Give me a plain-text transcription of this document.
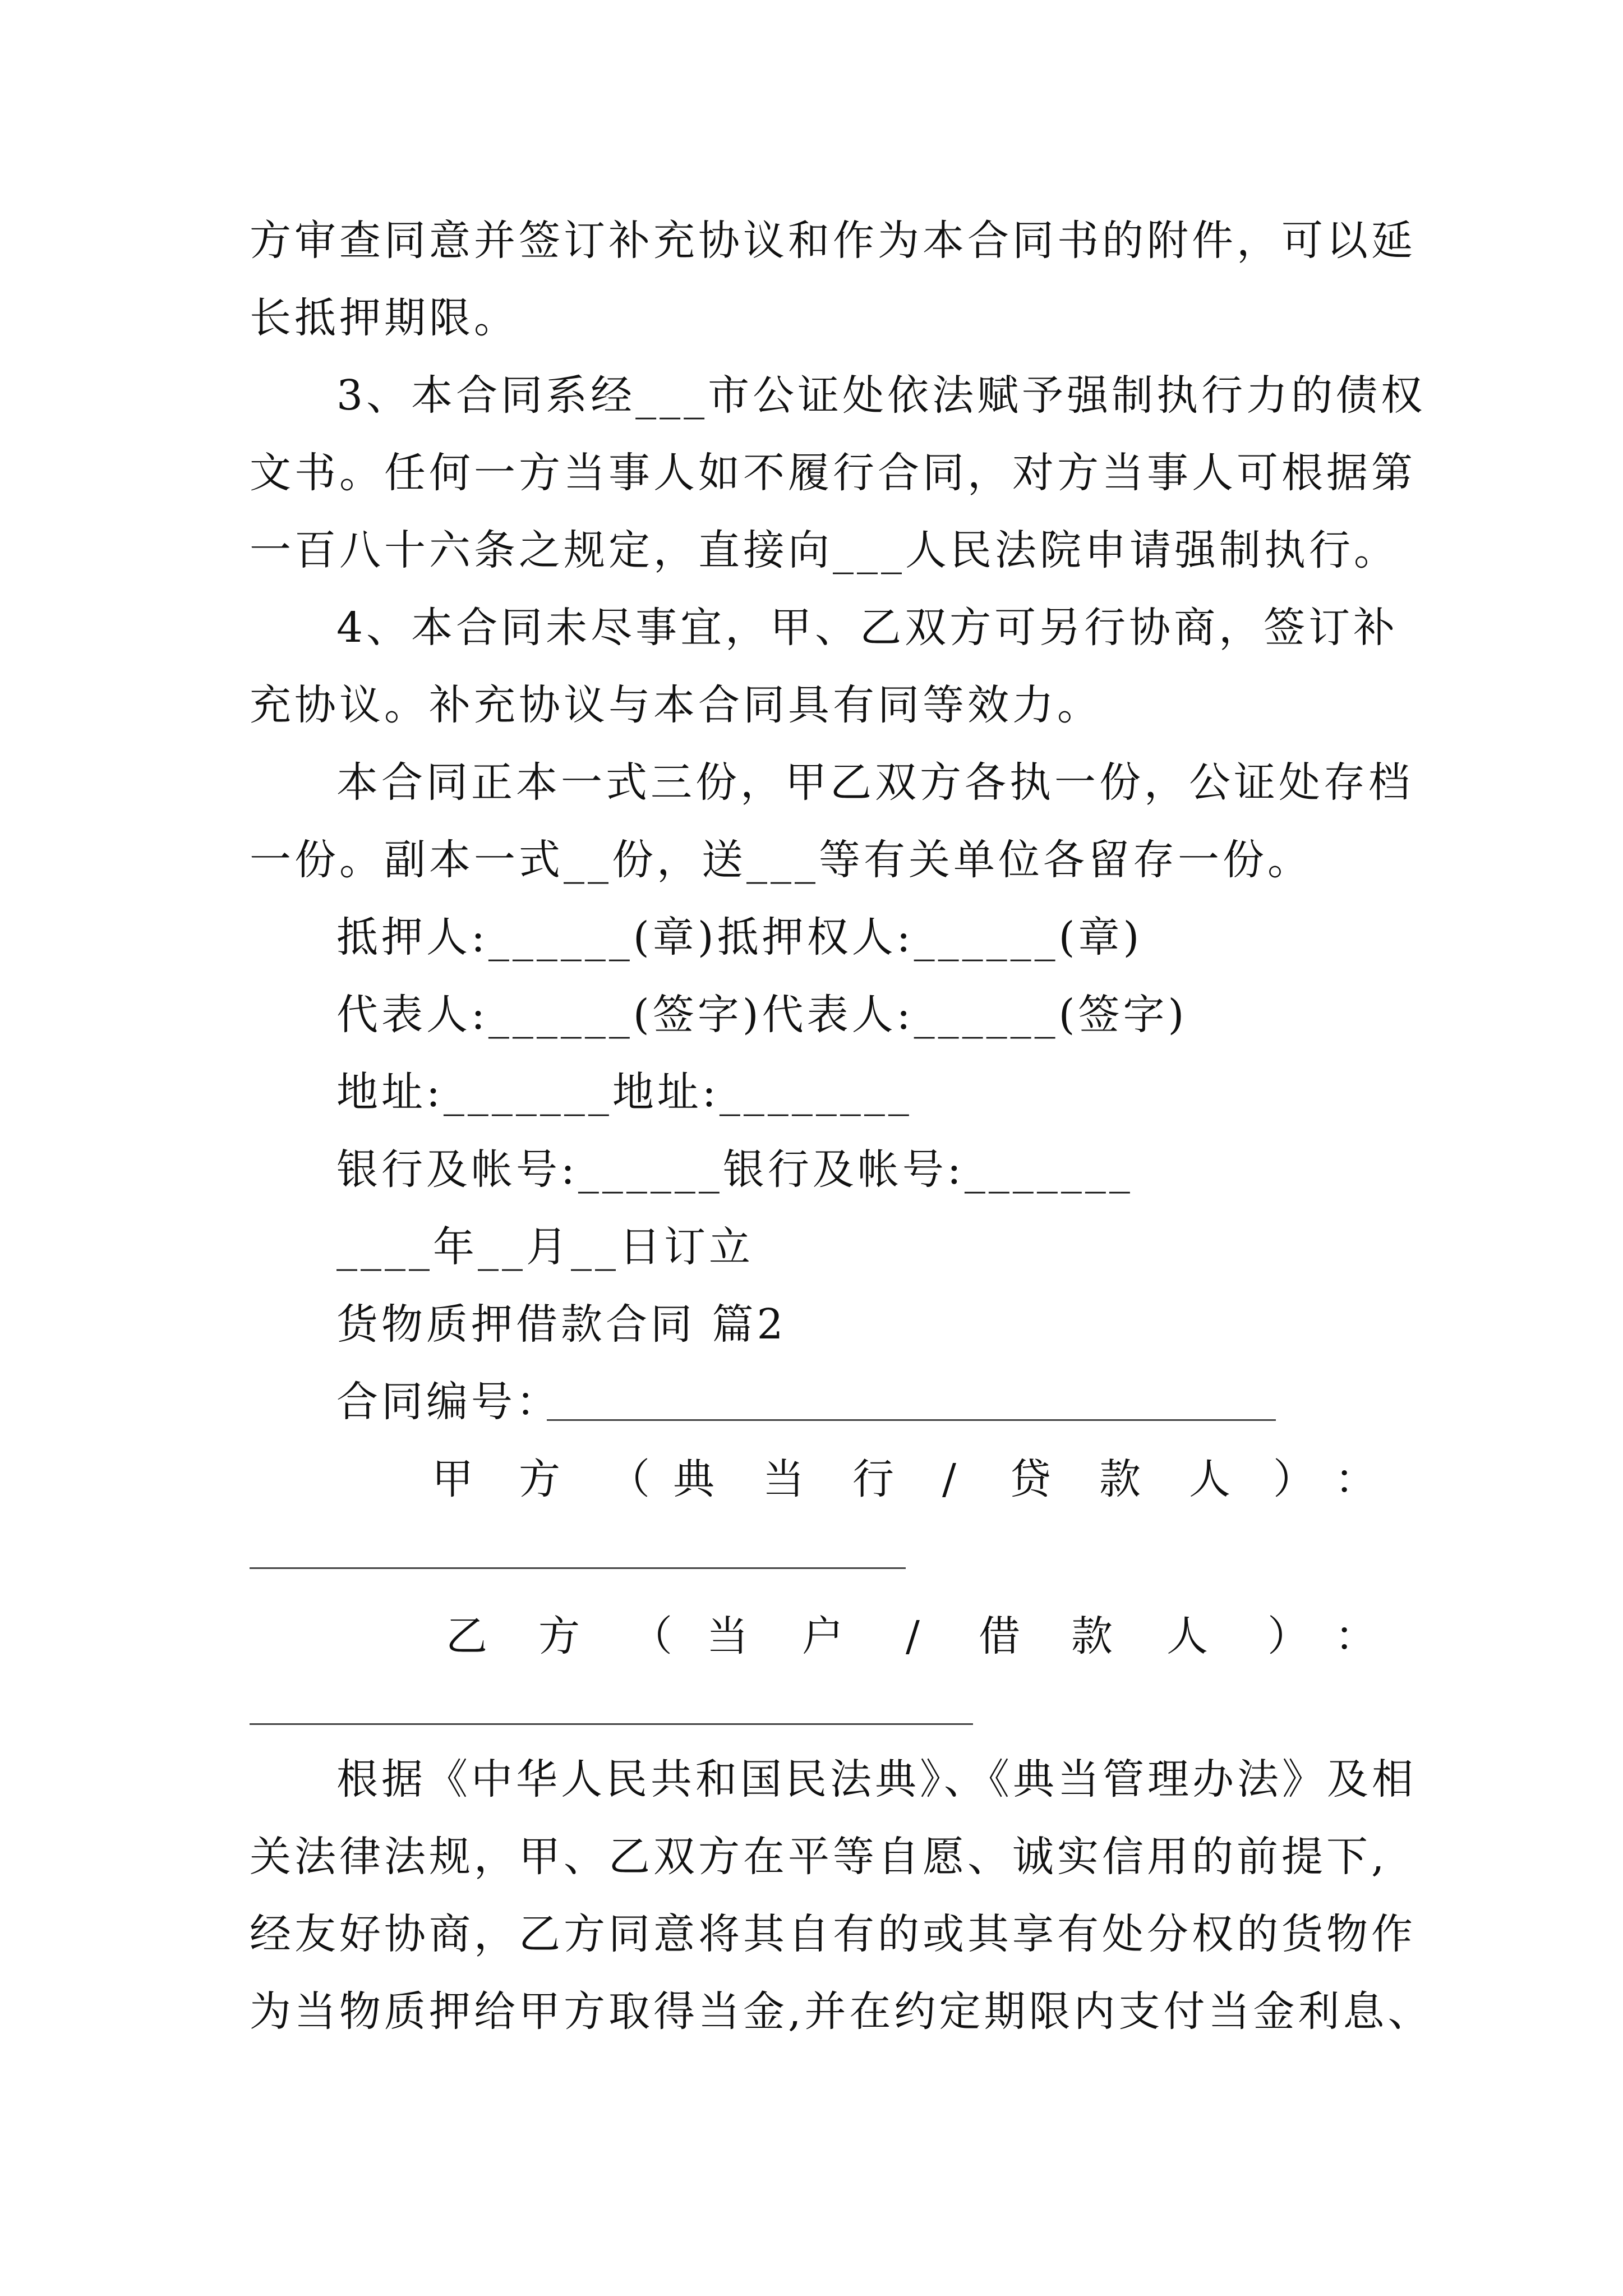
方审查同意并签订补充协议和作为本合同书的附件，可以延
长抵押期限。
3、本合同系经___市公证处依法赋予强制执行力的债权
文书。任何一方当事人如不履行合同，对方当事人可根据第
一百八十六条之规定，直接向___人民法院申请强制执行。
4、本合同未尽事宜，甲、乙双方可另行协商，签订补
充协议。补充协议与本合同具有同等效力。
本合同正本一式三份，甲乙双方各执一份，公证处存档
一份。副本一式__份，送___等有关单位各留存一份。
抵押人:______(章)抵押权人:______(章)
代表人:______(签字)代表人:______(签字)
地址:_______地址:________
银行及帐号:______银行及帐号:_______
____年__月__日订立
货物质押借款合同 篇2
合同编号：
甲 方 （ 典 当 行 / 贷 款 人 ） ：
乙 方 （ 当 户 / 借 款 人 ） ：
根据《中华人民共和国民法典》、《典当管理办法》及相
关法律法规，甲、乙双方在平等自愿、诚实信用的前提下,
经友好协商，乙方同意将其自有的或其享有处分权的货物作
为当物质押给甲方取得当金,并在约定期限内支付当金利息、
